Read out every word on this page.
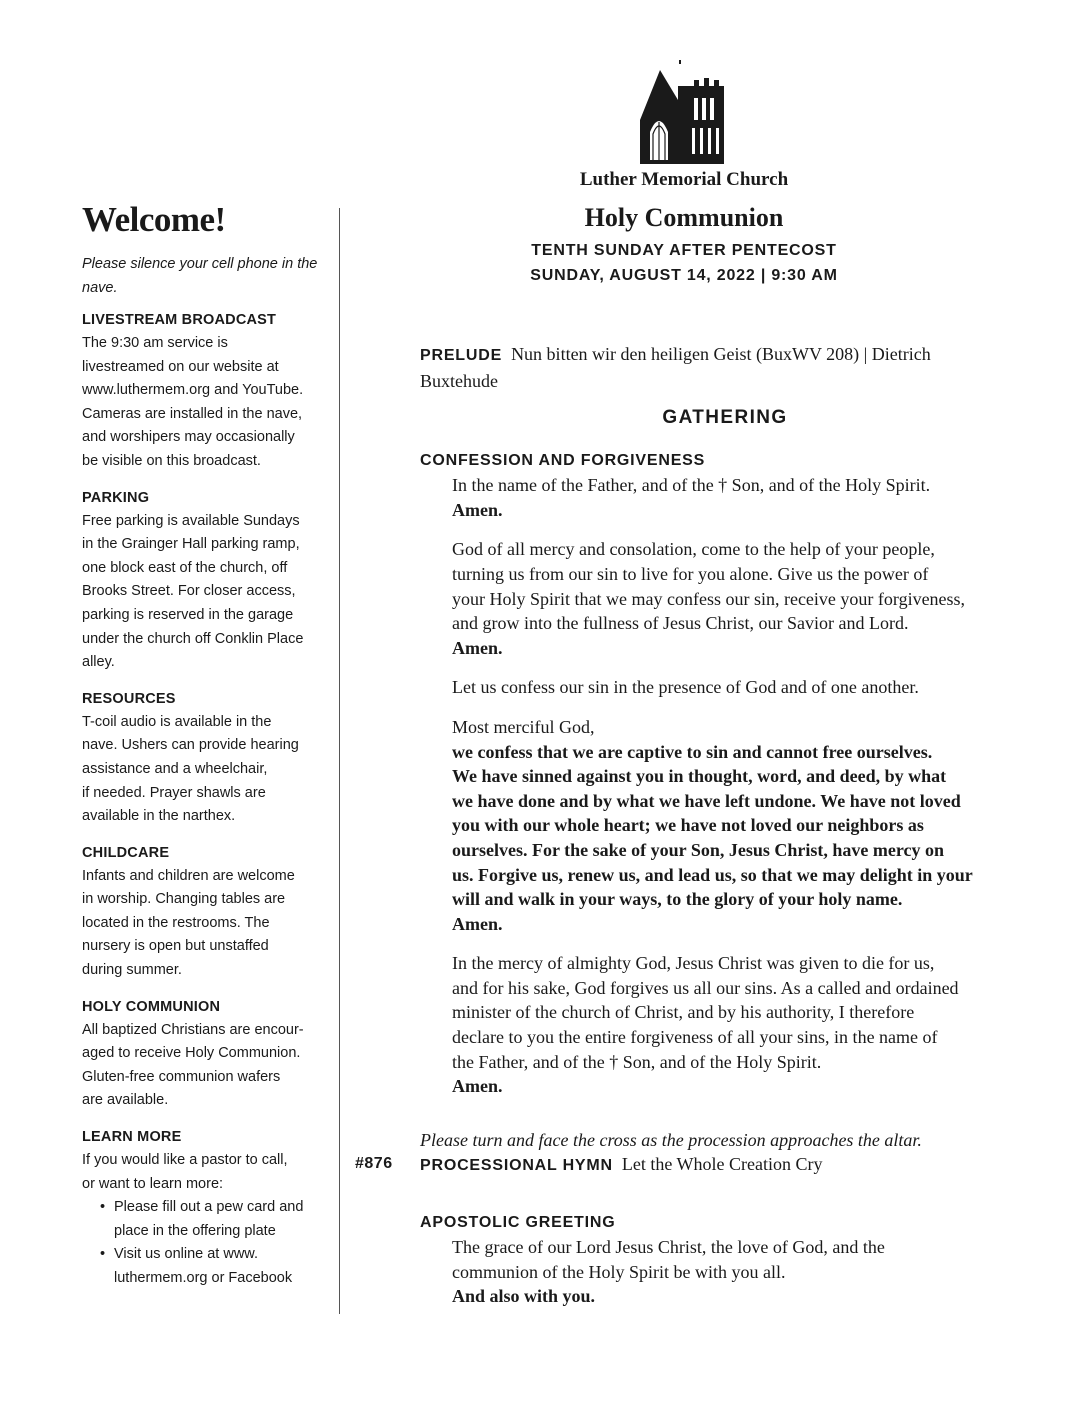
Luther Memorial Church
Welcome!
Please silence your cell phone in the nave.
LIVESTREAM BROADCAST
The 9:30 am service is
livestreamed on our website at
www.luthermem.org and YouTube.
Cameras are installed in the nave,
and worshipers may occasionally
be visible on this broadcast.
PARKING
Free parking is available Sundays
in the Grainger Hall parking ramp,
one block east of the church, off
Brooks Street. For closer access,
parking is reserved in the garage
under the church off Conklin Place
alley.
RESOURCES
T-coil audio is available in the
nave. Ushers can provide hearing
assistance and a wheelchair,
if needed. Prayer shawls are
available in the narthex.
CHILDCARE
Infants and children are welcome
in worship. Changing tables are
located in the restrooms. The
nursery is open but unstaffed
during summer.
HOLY COMMUNION
All baptized Christians are encour-
aged to receive Holy Communion.
Gluten-free communion wafers
are available.
LEARN MORE
If you would like a pastor to call,
or want to learn more:
• Please fill out a pew card and
place in the offering plate
• Visit us online at www.
luthermem.org or Facebook
Holy Communion
TENTH SUNDAY AFTER PENTECOST
SUNDAY, AUGUST 14, 2022 | 9:30 AM
PRELUDE Nun bitten wir den heiligen Geist (BuxWV 208) | Dietrich
Buxtehude
GATHERING
CONFESSION AND FORGIVENESS
In the name of the Father, and of the † Son, and of the Holy Spirit.
Amen.
God of all mercy and consolation, come to the help of your people,
turning us from our sin to live for you alone. Give us the power of
your Holy Spirit that we may confess our sin, receive your forgiveness,
and grow into the fullness of Jesus Christ, our Savior and Lord.
Amen.
Let us confess our sin in the presence of God and of one another.
Most merciful God,
we confess that we are captive to sin and cannot free ourselves.
We have sinned against you in thought, word, and deed, by what
we have done and by what we have left undone. We have not loved
you with our whole heart; we have not loved our neighbors as
ourselves. For the sake of your Son, Jesus Christ, have mercy on
us. Forgive us, renew us, and lead us, so that we may delight in your
will and walk in your ways, to the glory of your holy name.
Amen.
In the mercy of almighty God, Jesus Christ was given to die for us,
and for his sake, God forgives us all our sins. As a called and ordained
minister of the church of Christ, and by his authority, I therefore
declare to you the entire forgiveness of all your sins, in the name of
the Father, and of the † Son, and of the Holy Spirit.
Amen.
Please turn and face the cross as the procession approaches the altar.
#876 PROCESSIONAL HYMN Let the Whole Creation Cry
APOSTOLIC GREETING
The grace of our Lord Jesus Christ, the love of God, and the
communion of the Holy Spirit be with you all.
And also with you.
